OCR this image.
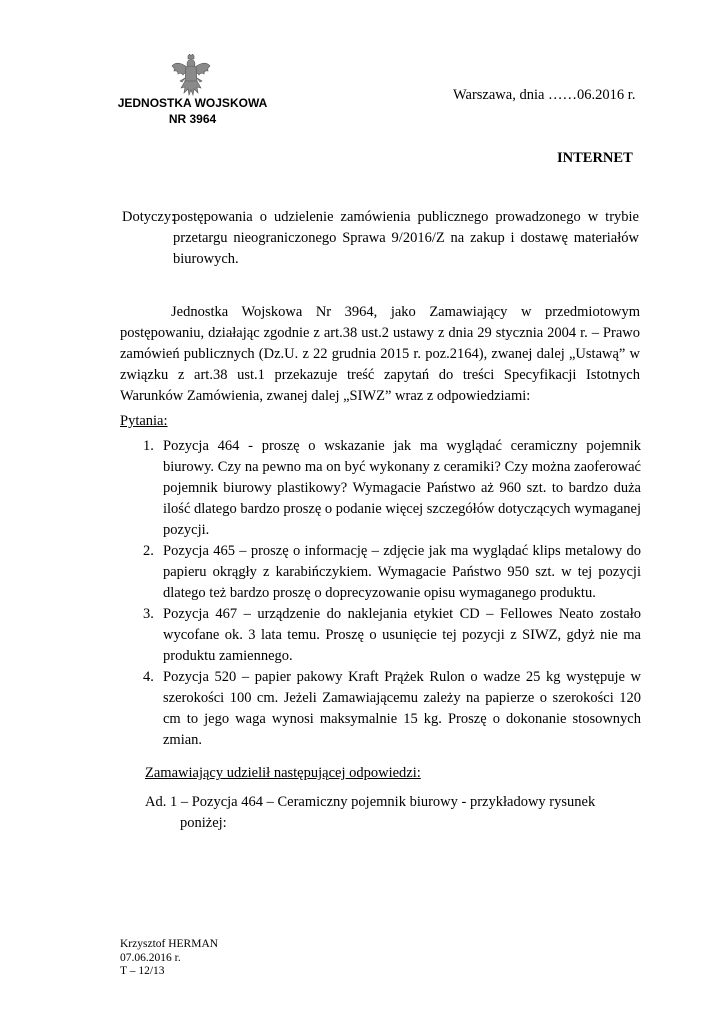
JEDNOSTKA WOJSKOWA
NR 3964
Warszawa, dnia ……06.2016 r.
INTERNET
Dotyczy:
postępowania o udzielenie zamówienia publicznego prowadzonego w trybie przetargu nieograniczonego Sprawa 9/2016/Z na zakup i dostawę materiałów biurowych.

Jednostka Wojskowa Nr 3964, jako Zamawiający w przedmiotowym postępowaniu, działając zgodnie z art.38 ust.2 ustawy z dnia 29 stycznia 2004 r. – Prawo zamówień publicznych (Dz.U. z 22 grudnia 2015 r. poz.2164), zwanej dalej „Ustawą” w związku z art.38 ust.1 przekazuje treść zapytań do treści Specyfikacji Istotnych Warunków Zamówienia, zwanej dalej „SIWZ” wraz z odpowiedziami:

Pytania:
1. Pozycja 464 - proszę o wskazanie jak ma wyglądać ceramiczny pojemnik biurowy. Czy na pewno ma on być wykonany z ceramiki? Czy można zaoferować pojemnik biurowy plastikowy? Wymagacie Państwo aż 960 szt. to bardzo duża ilość dlatego bardzo proszę o podanie więcej szczegółów dotyczących wymaganej pozycji.
2. Pozycja 465 – proszę o informację – zdjęcie jak ma wyglądać klips metalowy do papieru okrągły z karabińczykiem. Wymagacie Państwo 950 szt. w tej pozycji dlatego też bardzo proszę o doprecyzowanie opisu wymaganego produktu.
3. Pozycja 467 – urządzenie do naklejania etykiet CD – Fellowes Neato zostało wycofane ok. 3 lata temu. Proszę o usunięcie tej pozycji z SIWZ, gdyż nie ma produktu zamiennego.
4. Pozycja 520 – papier pakowy Kraft Prążek Rulon o wadze 25 kg występuje w szerokości 100 cm. Jeżeli Zamawiającemu zależy na papierze o szerokości 120 cm to jego waga wynosi maksymalnie 15 kg. Proszę o dokonanie stosownych zmian.
Zamawiający udzielił następującej odpowiedzi:
Ad. 1 – Pozycja 464 – Ceramiczny pojemnik biurowy - przykładowy rysunek
poniżej:
Krzysztof HERMAN
07.06.2016 r.
T – 12/13
